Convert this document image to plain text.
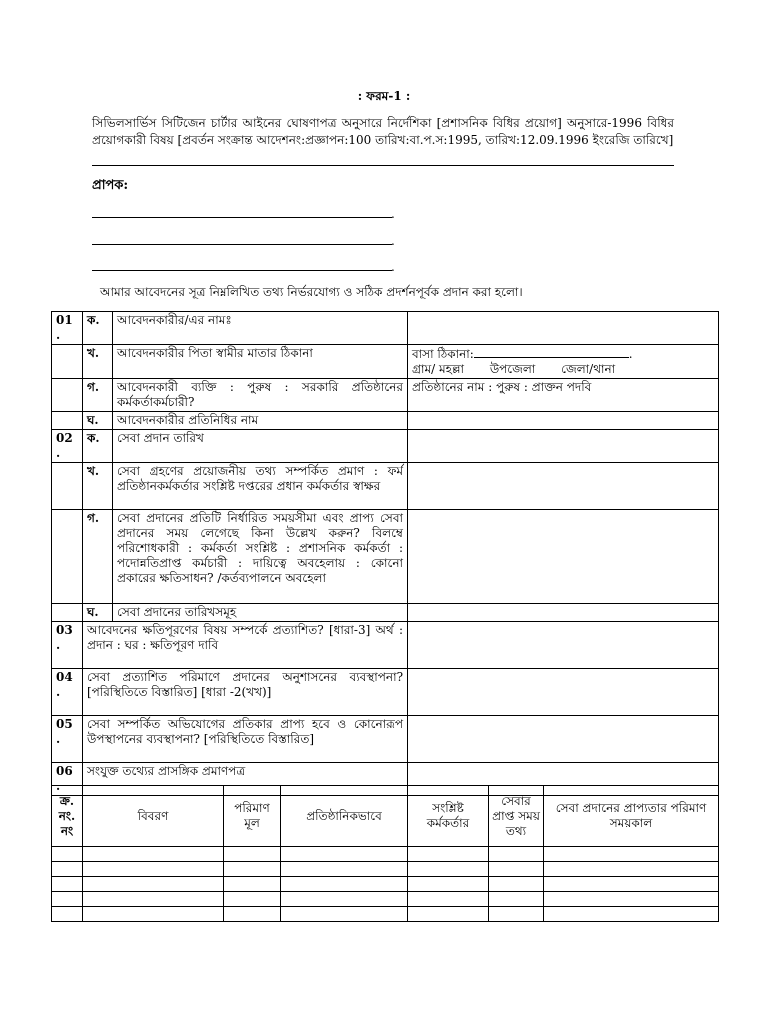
: ফরম-1 :
সিভিলসার্ভিস সিটিজেন চার্টার আইনের ঘোষণাপত্র অনুসারে নির্দেশিকা [প্রশাসনিক বিধির প্রয়োগ] অনুসারে-1996 বিধির প্রয়োগকারী বিষয় [প্রবর্তন সংক্রান্ত আদেশনং:প্রজ্ঞাপন:100 তারিখ:বা.প.স:1995, তারিখ:12.09.1996 ইংরেজি তারিখে]
প্রাপক:
.
.
.
আমার আবেদনের সূত্র নিম্নলিখিত তথ্য নির্ভরযোগ্য ও সঠিক প্রদর্শনপূর্বক প্রদান করা হলো।
01 .	ক.	আবেদনকারীর/এর নামঃ	
	খ.	আবেদনকারীর পিতা স্বামীর মাতার ঠিকানা	বাসা ঠিকানা: .
গ্রাম/ মহল্লা উপজেলা জেলা/থানা
	গ.	আবেদনকারী ব্যক্তি : পুরুষ : সরকারি প্রতিষ্ঠানের কর্মকর্তাকর্মচারী?	প্রতিষ্ঠানের নাম : পুরুষ : প্রাক্তন পদবি
	ঘ.	আবেদনকারীর প্রতিনিধির নাম	
02 .	ক.	সেবা প্রদান তারিখ	
	খ.	সেবা গ্রহণের প্রয়োজনীয় তথ্য সম্পর্কিত প্রমাণ : ফর্ম প্রতিষ্ঠানকর্মকর্তার সংশ্লিষ্ট দপ্তরের প্রধান কর্মকর্তার স্বাক্ষর	
	গ.	সেবা প্রদানের প্রতিটি নির্ধারিত সময়সীমা এবং প্রাপ্য সেবা প্রদানের সময় লেগেছে কিনা উল্লেখ করুন? বিলম্বে পরিশোধকারী : কর্মকর্তা সংশ্লিষ্ট : প্রশাসনিক কর্মকর্তা : পদোন্নতিপ্রাপ্ত কর্মচারী : দায়িত্বে অবহেলায় : কোনো প্রকারের ক্ষতিসাধন? /কর্তব্যপালনে অবহেলা	
	ঘ.	সেবা প্রদানের তারিখসমূহ	
03 .	আবেদনের ক্ষতিপূরণের বিষয় সম্পর্কে প্রত্যাশিত? [ধারা-3] অর্থ : প্রদান : ঘর : ক্ষতিপূরণ দাবি		
04 .	সেবা প্রত্যাশিত পরিমাণে প্রদানের অনুশাসনের ব্যবস্থাপনা? [পরিস্থিতিতে বিস্তারিত] [ধারা -2(খখ)]		
05 .	সেবা সম্পর্কিত অভিযোগের প্রতিকার প্রাপ্য হবে ও কোনোরূপ উপস্থাপনের ব্যবস্থাপনা? [পরিস্থিতিতে বিস্তারিত]		
06 .	সংযুক্ত তথ্যের প্রাসঙ্গিক প্রমাণপত্র		
ক্র. নং. নং	বিবরণ	পরিমাণ মূল	প্রতিষ্ঠানিকভাবে	সংশ্লিষ্ট কর্মকর্তার	সেবার প্রাপ্ত সময় তথ্য	সেবা প্রদানের প্রাপ্যতার পরিমাণ সময়কাল
